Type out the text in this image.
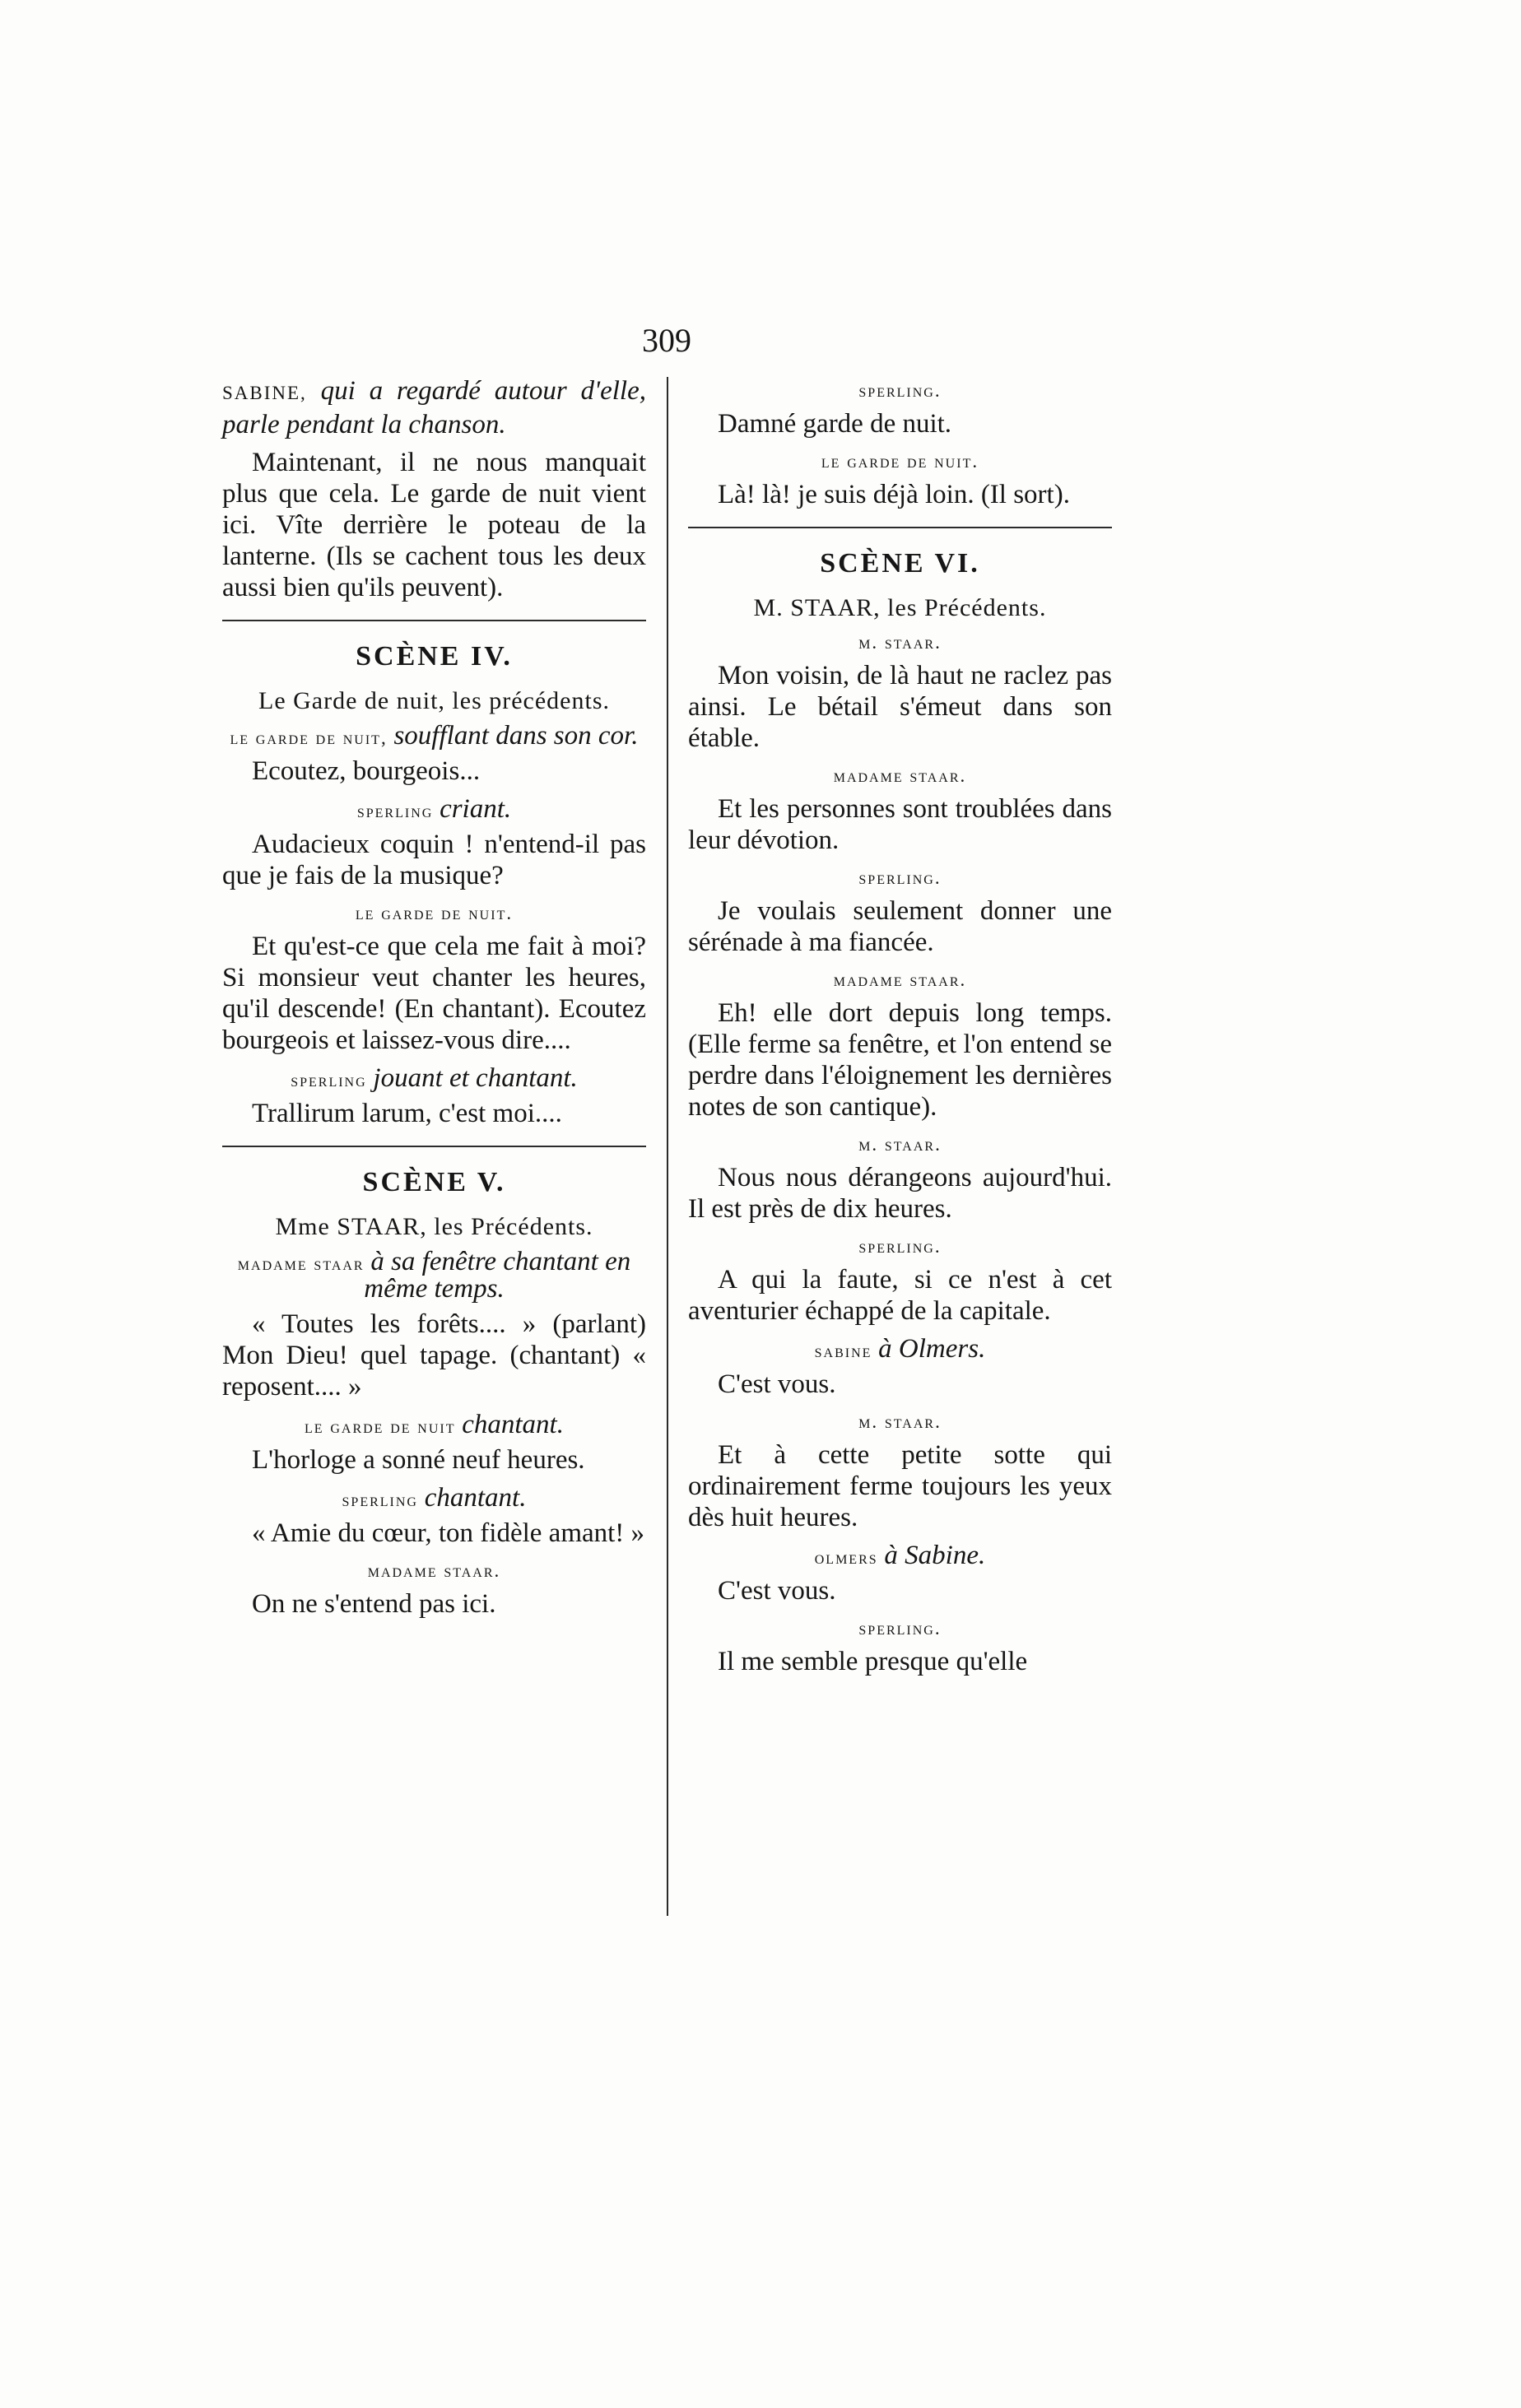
309
SABINE, qui a regardé autour d'elle, parle pendant la chanson.

Maintenant, il ne nous manquait plus que cela. Le garde de nuit vient ici. Vîte derrière le poteau de la lanterne. (Ils se cachent tous les deux aussi bien qu'ils peuvent).

SCÈNE IV.
Le Garde de nuit, les précédents.
le garde de nuit, soufflant dans son cor.

Ecoutez, bourgeois...

sperling criant.

Audacieux coquin ! n'entend-il pas que je fais de la musique?

le garde de nuit.

Et qu'est-ce que cela me fait à moi? Si monsieur veut chanter les heures, qu'il descende! (En chantant). Ecoutez bourgeois et laissez-vous dire....

sperling jouant et chantant.

Trallirum larum, c'est moi....

SCÈNE V.
Mme STAAR, les Précédents.
madame staar à sa fenêtre chantant en même temps.

« Toutes les forêts.... » (parlant) Mon Dieu! quel tapage. (chantant) « reposent.... »

le garde de nuit chantant.

L'horloge a sonné neuf heures.

sperling chantant.

« Amie du cœur, ton fidèle amant! »

madame staar.

On ne s'entend pas ici.

sperling.

Damné garde de nuit.

le garde de nuit.

Là! là! je suis déjà loin. (Il sort).

SCÈNE VI.
M. STAAR, les Précédents.
m. staar.

Mon voisin, de là haut ne raclez pas ainsi. Le bétail s'émeut dans son étable.

madame staar.

Et les personnes sont troublées dans leur dévotion.

sperling.

Je voulais seulement donner une sérénade à ma fiancée.

madame staar.

Eh! elle dort depuis long temps. (Elle ferme sa fenêtre, et l'on entend se perdre dans l'éloignement les dernières notes de son cantique).

m. staar.

Nous nous dérangeons aujourd'hui. Il est près de dix heures.

sperling.

A qui la faute, si ce n'est à cet aventurier échappé de la capitale.

sabine à Olmers.

C'est vous.

m. staar.

Et à cette petite sotte qui ordinairement ferme toujours les yeux dès huit heures.

olmers à Sabine.

C'est vous.

sperling.

Il me semble presque qu'elle
